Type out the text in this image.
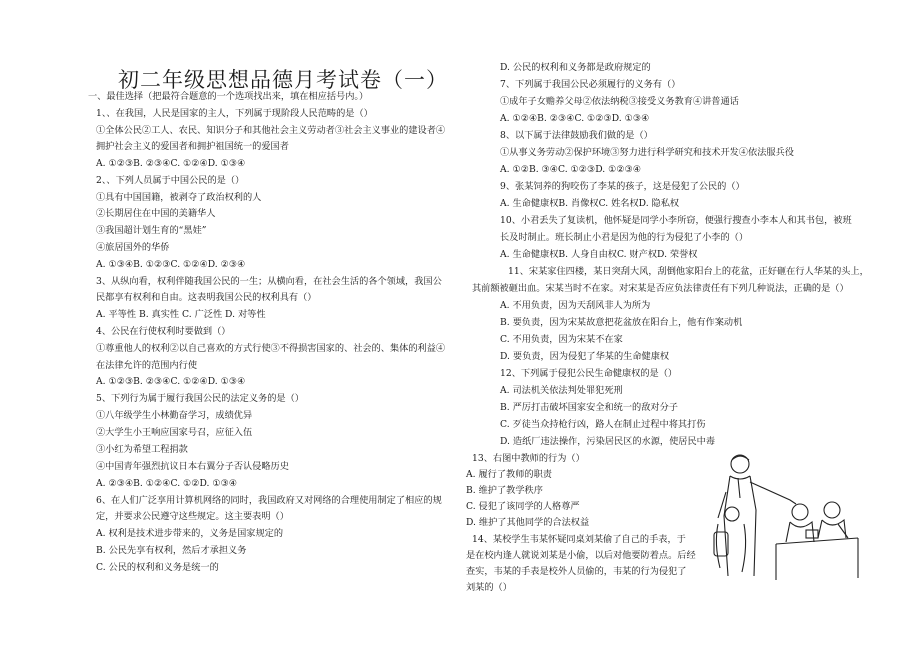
初二年级思想品德月考试卷（一）
一、最佳选择（把最符合题意的一个选项找出来，填在相应括号内。）
1、、在我国，人民是国家的主人，下列属于现阶段人民范畴的是（）
①全体公民②工人、农民、知识分子和其他社会主义劳动者③社会主义事业的建设者④
拥护社会主义的爱国者和拥护祖国统一的爱国者
A. ①②③B. ②③④C. ①②④D. ①③④
2、、下列人员属于中国公民的是（）
①具有中国国籍，被剥夺了政治权利的人
②长期居住在中国的美籍华人
③我国超计划生育的“黑娃”
④旅居国外的华侨
A. ①③④B. ①②③C. ①②④D. ②③④
3、从纵向看，权利伴随我国公民的一生；从横向看，在社会生活的各个领域，我国公
民都享有权利和自由。这表明我国公民的权利具有（）
A. 平等性 B. 真实性 C. 广泛性 D. 对等性
4、公民在行使权利时要做到（）
①尊重他人的权利②以自己喜欢的方式行使③不得损害国家的、社会的、集体的利益④
在法律允许的范围内行使
A. ①②③B. ②③④C. ①②④D. ①③④
5、下列行为属于履行我国公民的法定义务的是（）
①八年级学生小林勤奋学习，成绩优异
②大学生小王响应国家号召，应征入伍
③小红为希望工程捐款
④中国青年强烈抗议日本右翼分子否认侵略历史
A. ②③④B. ①②④C. ①②D. ①③④
6、在人们广泛享用计算机网络的同时，我国政府又对网络的合理使用制定了相应的规
定，并要求公民遵守这些规定。这主要表明（）
A. 权利是技术进步带来的，义务是国家规定的
B. 公民先享有权利，然后才承担义务
C. 公民的权利和义务是统一的
D. 公民的权利和义务都是政府规定的
7、下列属于我国公民必须履行的义务有（）
①成年子女赡养父母②依法纳税③接受义务教育④讲普通话
A. ①②④B. ②③④C. ①②③D. ①③④
8、以下属于法律鼓励我们做的是（）
①从事义务劳动②保护环境③努力进行科学研究和技术开发④依法服兵役
A. ①②B. ③④C. ①②③D. ①②③④
9、张某饲养的狗咬伤了李某的孩子，这是侵犯了公民的（）
A. 生命健康权B. 肖像权C. 姓名权D. 隐私权
10、小君丢失了复读机，他怀疑是同学小李所窃，便强行搜查小李本人和其书包，被班
长及时制止。班长制止小君是因为他的行为侵犯了小李的（）
A. 生命健康权B. 人身自由权C. 财产权D. 荣誉权
11、宋某家住四楼，某日突刮大风，刮倒他家阳台上的花盆，正好砸在行人华某的头上，
其前额被砸出血。宋某当时不在家。对宋某是否应负法律责任有下列几种说法，正确的是（）
A. 不用负责，因为天刮风非人为所为
B. 要负责，因为宋某故意把花盆放在阳台上，他有作案动机
C. 不用负责，因为宋某不在家
D. 要负责，因为侵犯了华某的生命健康权
12、下列属于侵犯公民生命健康权的是（）
A. 司法机关依法判处罪犯死刑
B. 严厉打击破坏国家安全和统一的敌对分子
C. 歹徒当众持枪行凶，路人在制止过程中将其打伤
D. 造纸厂违法操作，污染居民区的水源，使居民中毒
13、右图中教师的行为（）
A. 履行了教师的职责
B. 维护了教学秩序
C. 侵犯了该同学的人格尊严
D. 维护了其他同学的合法权益
14、某校学生韦某怀疑同桌刘某偷了自己的手表，于
是在校内逢人就说刘某是小偷，以后对他要防着点。后经
查实，韦某的手表是校外人员偷的，韦某的行为侵犯了
刘某的（）
